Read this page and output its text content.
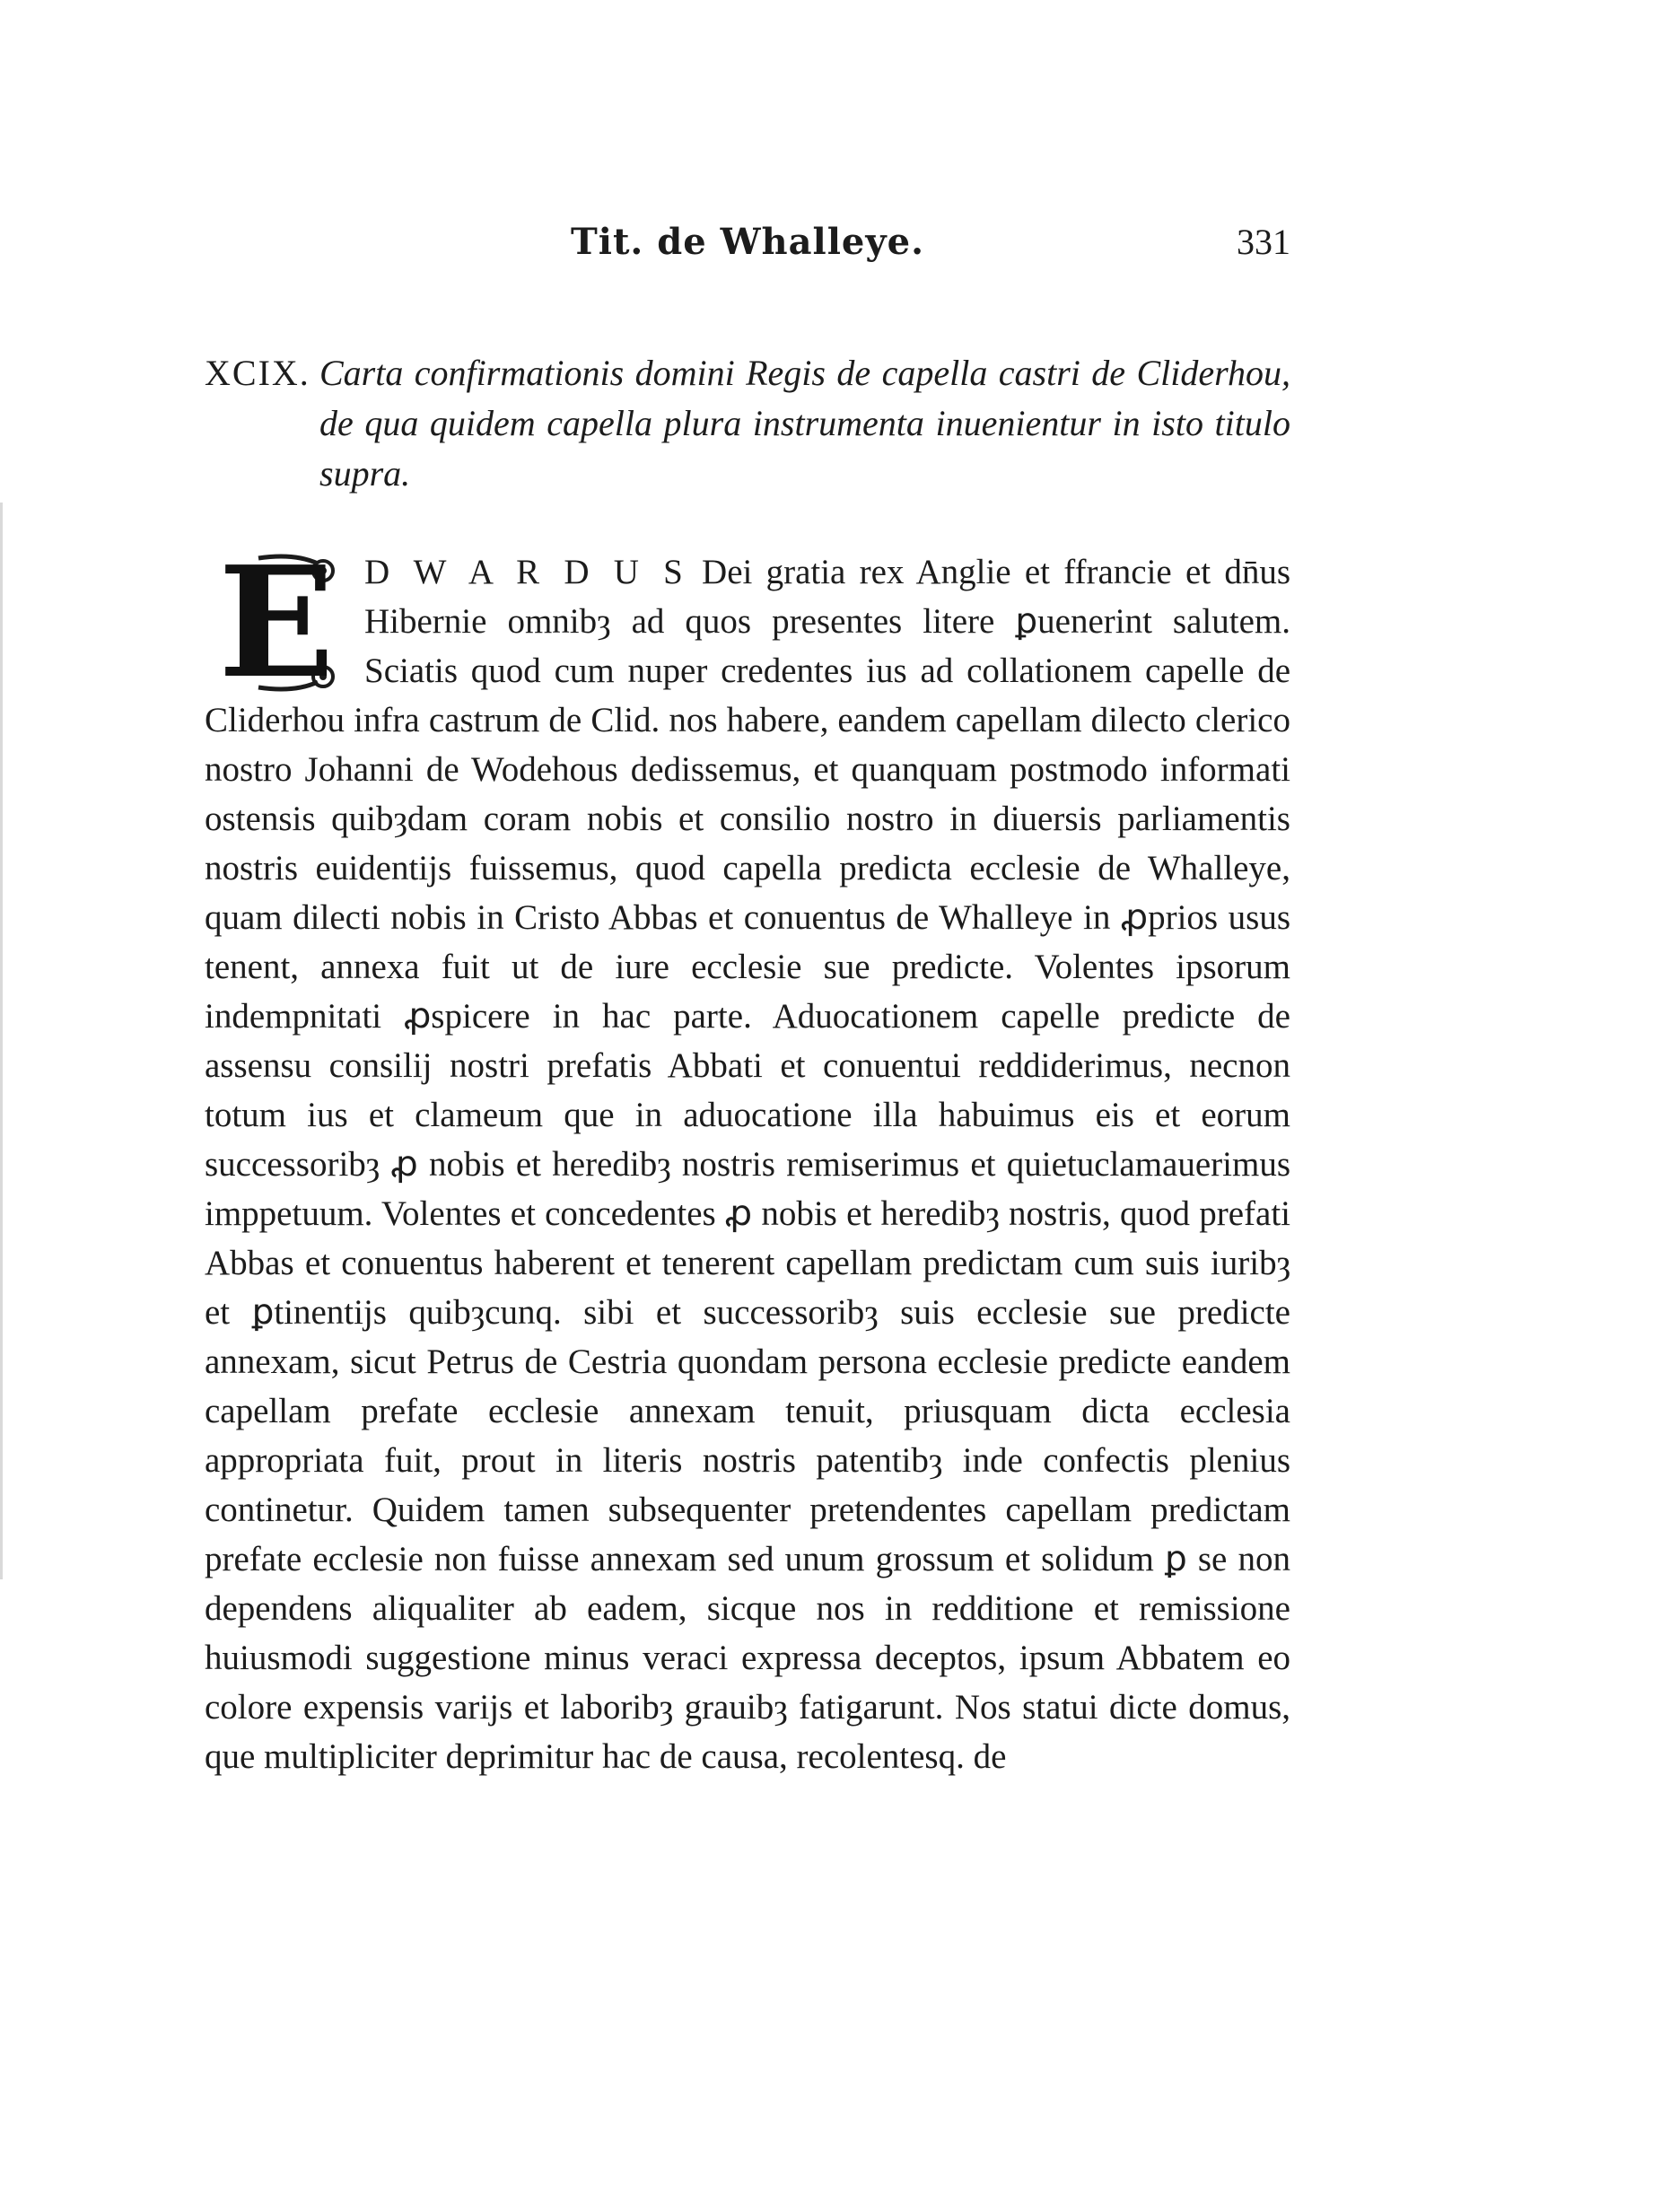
Tit. de Whalleye.	331
XCIX. Carta confirmationis domini Regis de capella castri de Cliderhou, de qua quidem capella plura instrumenta inuenientur in isto titulo supra.
E D W A R D U S Dei gratia rex Anglie et ffrancie et dn̄us Hibernie omnibȝ ad quos presentes litere ꝑuenerint salutem. Sciatis quod cum nuper credentes ius ad collationem capelle de Cliderhou infra castrum de Clid. nos habere, eandem capellam dilecto clerico nostro Johanni de Wodehous dedissemus, et quanquam postmodo informati ostensis quibȝdam coram nobis et consilio nostro in diuersis parliamentis nostris euidentijs fuissemus, quod capella predicta ecclesie de Whalleye, quam dilecti nobis in Cristo Abbas et conuentus de Whalleye in ꝓprios usus tenent, annexa fuit ut de iure ecclesie sue predicte. Volentes ipsorum indempnitati ꝓspicere in hac parte. Aduocationem capelle predicte de assensu consilij nostri prefatis Abbati et conuentui reddiderimus, necnon totum ius et clameum que in aduocatione illa habuimus eis et eorum successoribȝ ꝓ nobis et heredibȝ nostris remiserimus et quietuclamauerimus imppetuum. Volentes et concedentes ꝓ nobis et heredibȝ nostris, quod prefati Abbas et conuentus haberent et tenerent capellam predictam cum suis iuribȝ et ꝑtinentijs quibȝcunq. sibi et successoribȝ suis ecclesie sue predicte annexam, sicut Petrus de Cestria quondam persona ecclesie predicte eandem capellam prefate ecclesie annexam tenuit, priusquam dicta ecclesia appropriata fuit, prout in literis nostris patentibȝ inde confectis plenius continetur. Quidem tamen subsequenter pretendentes capellam predictam prefate ecclesie non fuisse annexam sed unum grossum et solidum ꝑ se non dependens aliqualiter ab eadem, sicque nos in redditione et remissione huiusmodi suggestione minus veraci expressa deceptos, ipsum Abbatem eo colore expensis varijs et laboribȝ grauibȝ fatigarunt. Nos statui dicte domus, que multipliciter deprimitur hac de causa, recolentesq. de
